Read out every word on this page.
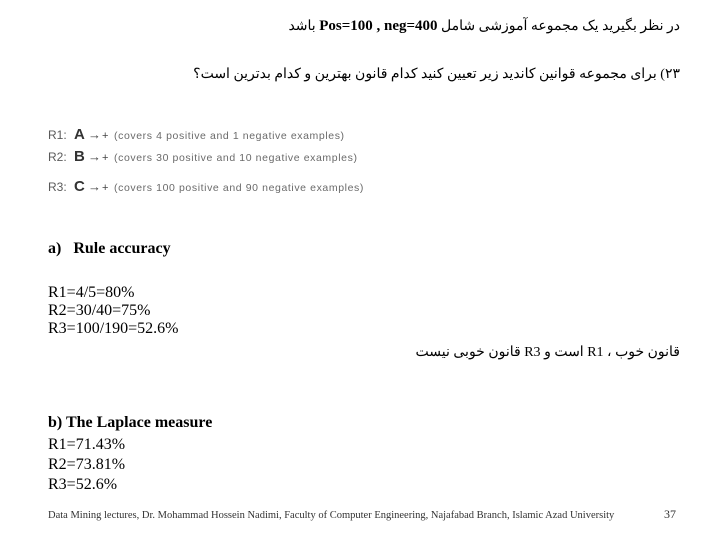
در نظر بگیرید یک مجموعه آموزشی شامل Pos=100 , neg=400 باشد
۲۳) برای مجموعه قوانین کاندید زیر تعیین کنید کدام قانون بهترین و کدام بدترین است؟
R1: A →+ (covers 4 positive and 1 negative examples)
R2: B →+ (covers 30 positive and 10 negative examples)
R3: C →+ (covers 100 positive and 90 negative examples)
a)   Rule accuracy
R1=4/5=80%
R2=30/40=75%
R3=100/190=52.6%
قانون خوب ، R1 است و R3 قانون خوبی نیست
b) The Laplace measure
R1=71.43%
R2=73.81%
R3=52.6%
Data Mining lectures, Dr. Mohammad Hossein Nadimi, Faculty of Computer Engineering, Najafabad Branch, Islamic Azad University	37
